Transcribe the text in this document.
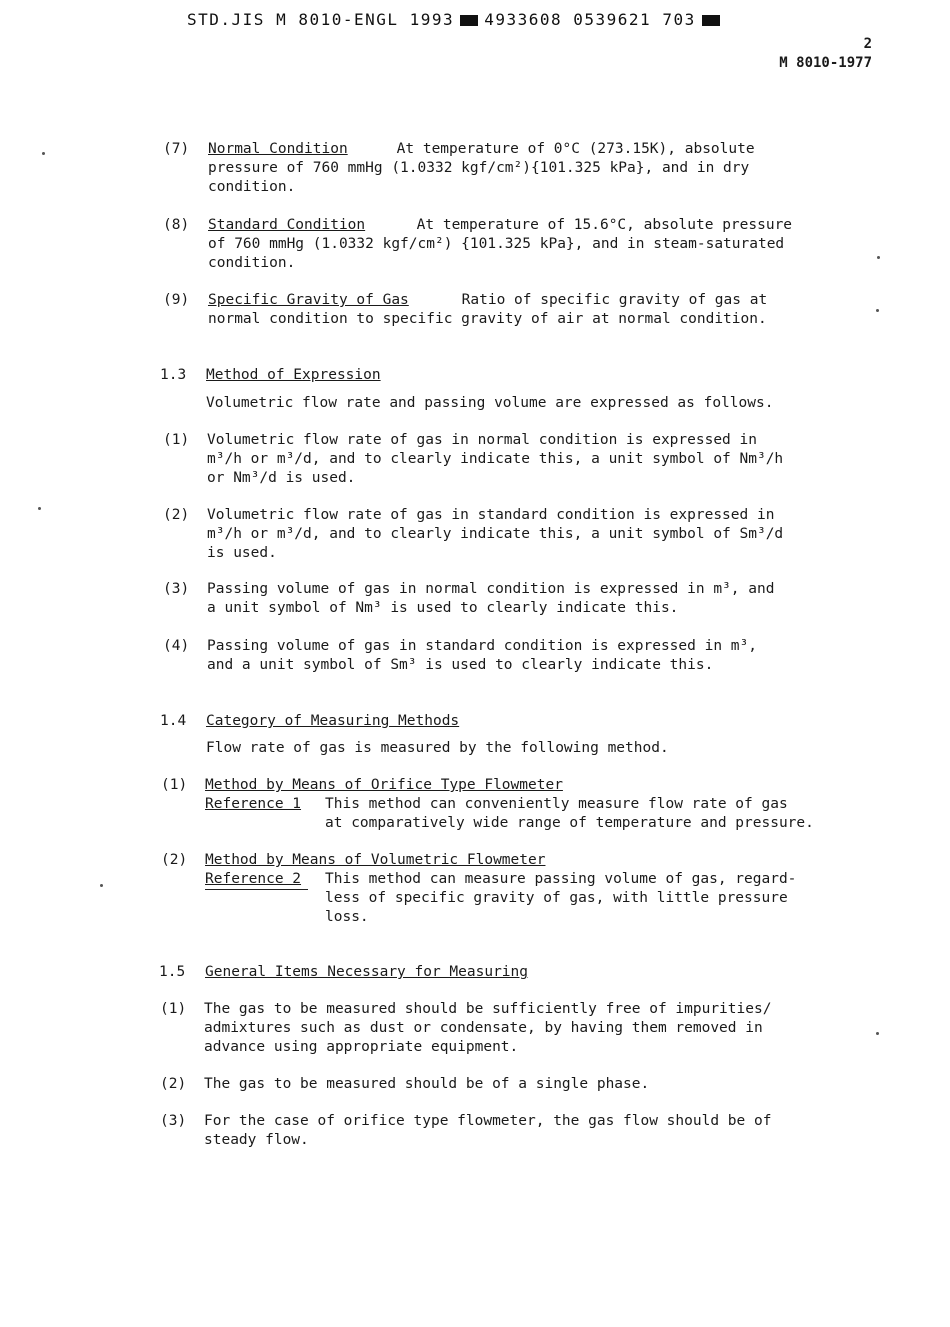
STD.JIS M 8010-ENGL 1993 4933608 0539621 703
2
M 8010-1977
(7) Normal Condition At temperature of 0°C (273.15K), absolute
pressure of 760 mmHg (1.0332 kgf/cm²){101.325 kPa}, and in dry
condition.
(8) Standard Condition At temperature of 15.6°C, absolute pressure
of 760 mmHg (1.0332 kgf/cm²) {101.325 kPa}, and in steam-saturated
condition.
(9) Specific Gravity of Gas Ratio of specific gravity of gas at
normal condition to specific gravity of air at normal condition.
1.3 Method of Expression
Volumetric flow rate and passing volume are expressed as follows.
(1) Volumetric flow rate of gas in normal condition is expressed in
m³/h or m³/d, and to clearly indicate this, a unit symbol of Nm³/h
or Nm³/d is used.
(2) Volumetric flow rate of gas in standard condition is expressed in
m³/h or m³/d, and to clearly indicate this, a unit symbol of Sm³/d
is used.
(3) Passing volume of gas in normal condition is expressed in m³, and
a unit symbol of Nm³ is used to clearly indicate this.
(4) Passing volume of gas in standard condition is expressed in m³,
and a unit symbol of Sm³ is used to clearly indicate this.
1.4 Category of Measuring Methods
Flow rate of gas is measured by the following method.
(1) Method by Means of Orifice Type Flowmeter
Reference 1 This method can conveniently measure flow rate of gas
at comparatively wide range of temperature and pressure.
(2) Method by Means of Volumetric Flowmeter
Reference 2 This method can measure passing volume of gas, regard-
less of specific gravity of gas, with little pressure
loss.
1.5 General Items Necessary for Measuring
(1) The gas to be measured should be sufficiently free of impurities/
admixtures such as dust or condensate, by having them removed in
advance using appropriate equipment.
(2) The gas to be measured should be of a single phase.
(3) For the case of orifice type flowmeter, the gas flow should be of
steady flow.
